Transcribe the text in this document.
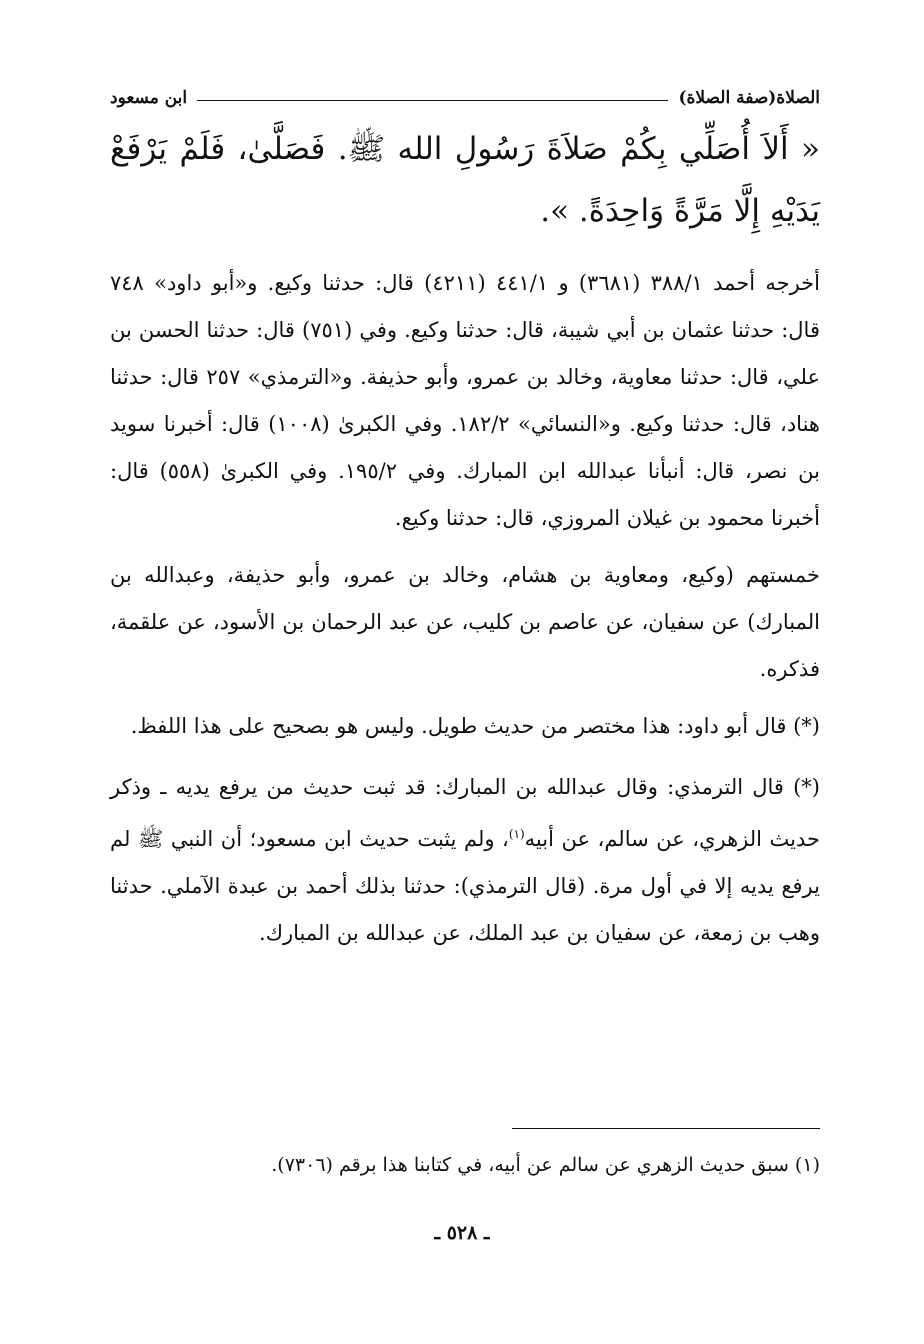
الصلاة(صفة الصلاة)
ابن مسعود

« أَلاَ أُصَلِّي بِكُمْ صَلاَةَ رَسُولِ الله ﷺ. فَصَلَّىٰ، فَلَمْ يَرْفَعْ يَدَيْهِ إِلَّا مَرَّةً وَاحِدَةً. ».

أخرجه أحمد ٣٨٨/١ (٣٦٨١) و ٤٤١/١ (٤٢١١) قال: حدثنا وكيع. و«أبو داود» ٧٤٨ قال: حدثنا عثمان بن أبي شيبة، قال: حدثنا وكيع. وفي (٧٥١) قال: حدثنا الحسن بن علي، قال: حدثنا معاوية، وخالد بن عمرو، وأبو حذيفة. و«الترمذي» ٢٥٧ قال: حدثنا هناد، قال: حدثنا وكيع. و«النسائي» ١٨٢/٢. وفي الكبرىٰ (١٠٠٨) قال: أخبرنا سويد بن نصر، قال: أنبأنا عبدالله ابن المبارك. وفي ١٩٥/٢. وفي الكبرىٰ (٥٥٨) قال: أخبرنا محمود بن غيلان المروزي، قال: حدثنا وكيع.

خمستهم (وكيع، ومعاوية بن هشام، وخالد بن عمرو، وأبو حذيفة، وعبدالله بن المبارك) عن سفيان، عن عاصم بن كليب، عن عبد الرحمان بن الأسود، عن علقمة، فذكره.

(*) قال أبو داود: هذا مختصر من حديث طويل. وليس هو بصحيح على هذا اللفظ.

(*) قال الترمذي: وقال عبدالله بن المبارك: قد ثبت حديث من يرفع يديه ـ وذكر حديث الزهري، عن سالم، عن أبيه$^{(١)}$، ولم يثبت حديث ابن مسعود؛ أن النبي ﷺ لم يرفع يديه إلا في أول مرة. (قال الترمذي): حدثنا بذلك أحمد بن عبدة الآملي. حدثنا وهب بن زمعة، عن سفيان بن عبد الملك، عن عبدالله بن المبارك.

(١) سبق حديث الزهري عن سالم عن أبيه، في كتابنا هذا برقم (٧٣٠٦).
ـ ٥٢٨ ـ
